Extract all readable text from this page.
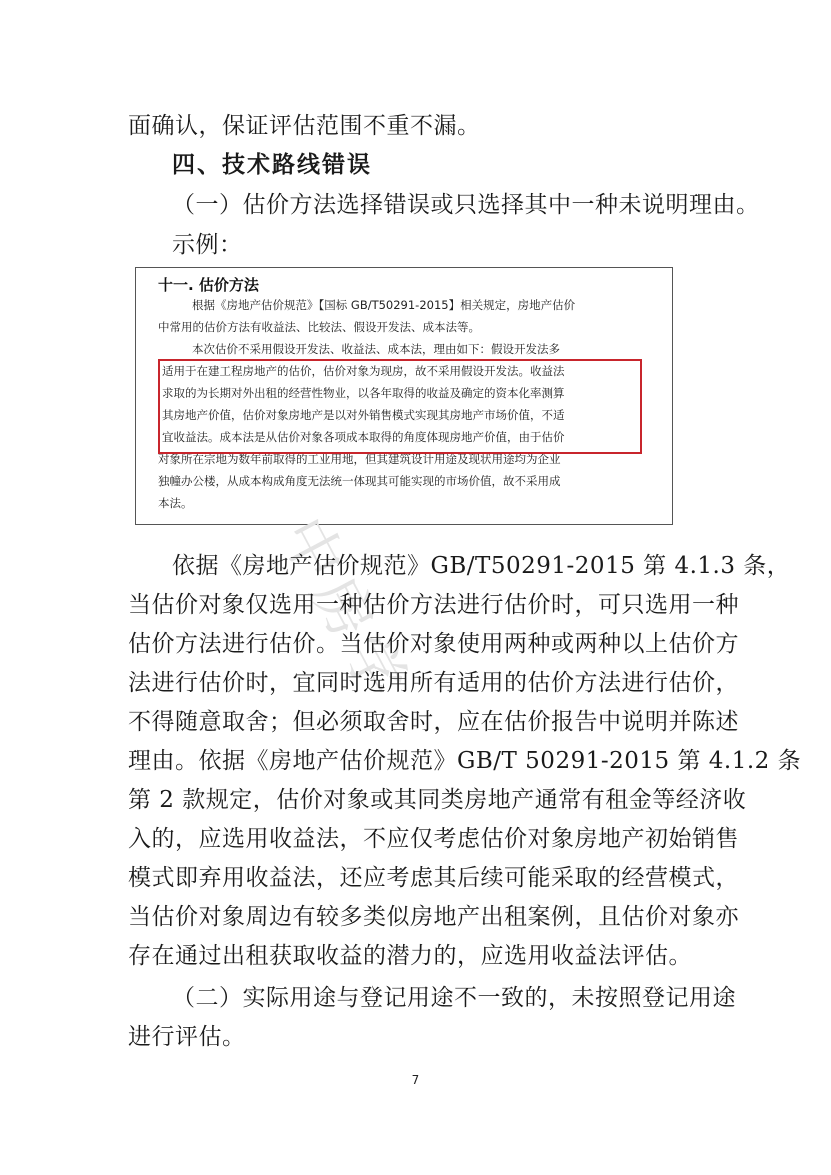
面确认，保证评估范围不重不漏。
四、技术路线错误
（一）估价方法选择错误或只选择其中一种未说明理由。
示例：
十一. 估价方法
根据《房地产估价规范》【国标 GB/T50291-2015】相关规定，房地产估价
中常用的估价方法有收益法、比较法、假设开发法、成本法等。
本次估价不采用假设开发法、收益法、成本法，理由如下：假设开发法多
适用于在建工程房地产的估价，估价对象为现房，故不采用假设开发法。收益法
求取的为长期对外出租的经营性物业，以各年取得的收益及确定的资本化率测算
其房地产价值，估价对象房地产是以对外销售模式实现其房地产市场价值，不适
宜收益法。成本法是从估价对象各项成本取得的角度体现房地产价值，由于估价
对象所在宗地为数年前取得的工业用地，但其建筑设计用途及现状用途均为企业
独幢办公楼，从成本构成角度无法统一体现其可能实现的市场价值，故不采用成
本法。
中房学
依据《房地产估价规范》GB/T50291-2015 第 4.1.3 条，
当估价对象仅选用一种估价方法进行估价时，可只选用一种
估价方法进行估价。当估价对象使用两种或两种以上估价方
法进行估价时，宜同时选用所有适用的估价方法进行估价，
不得随意取舍；但必须取舍时，应在估价报告中说明并陈述
理由。依据《房地产估价规范》GB/T 50291-2015 第 4.1.2 条
第 2 款规定，估价对象或其同类房地产通常有租金等经济收
入的，应选用收益法，不应仅考虑估价对象房地产初始销售
模式即弃用收益法，还应考虑其后续可能采取的经营模式，
当估价对象周边有较多类似房地产出租案例，且估价对象亦
存在通过出租获取收益的潜力的，应选用收益法评估。
（二）实际用途与登记用途不一致的，未按照登记用途
进行评估。
7
